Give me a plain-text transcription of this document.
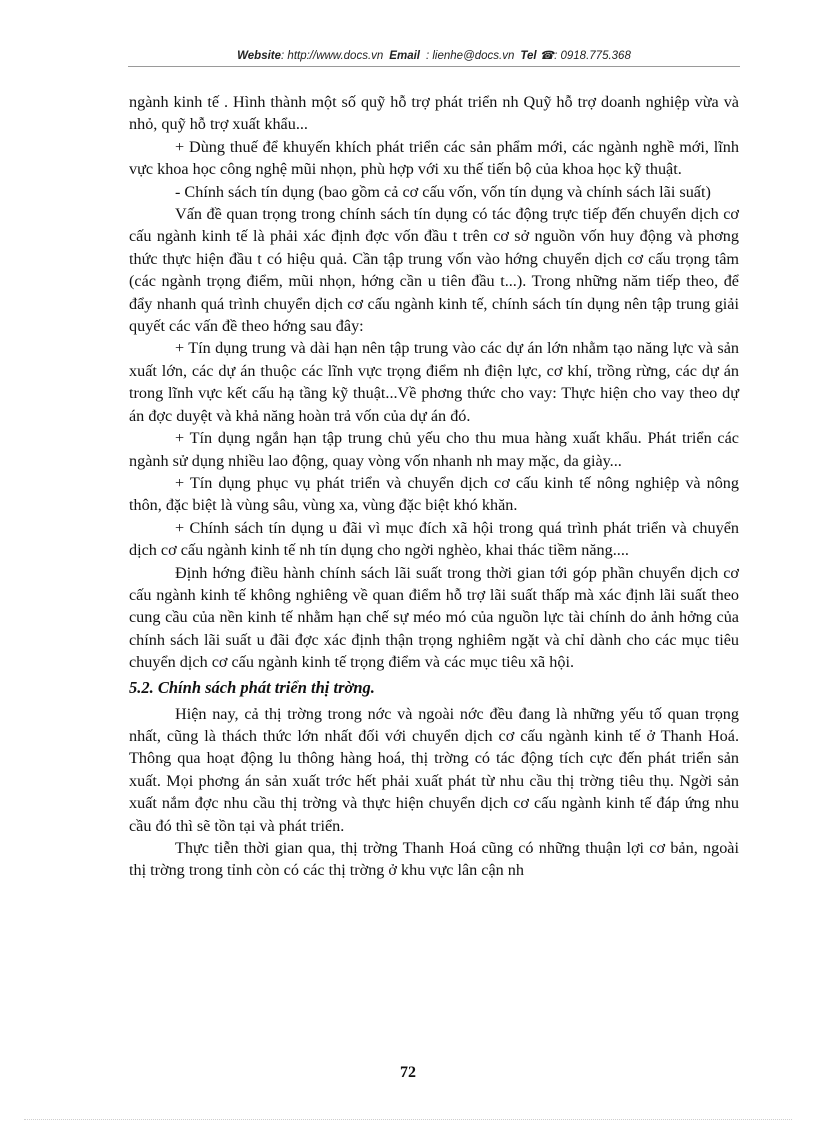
Website: http://www.docs.vn Email : lienhe@docs.vn Tel ☎: 0918.775.368

ngành kinh tế . Hình thành một số quỹ hỗ trợ phát triển nh Quỹ hỗ trợ doanh nghiệp vừa và nhỏ, quỹ hỗ trợ xuất khẩu...

+ Dùng thuế để khuyến khích phát triển các sản phẩm mới, các ngành nghề mới, lĩnh vực khoa học công nghệ mũi nhọn, phù hợp với xu thế tiến bộ của khoa học kỹ thuật.

- Chính sách tín dụng (bao gồm cả cơ cấu vốn, vốn tín dụng và chính sách lãi suất)

Vấn đề quan trọng trong chính sách tín dụng có tác động trực tiếp đến chuyển dịch cơ cấu ngành kinh tế là phải xác định đợc vốn đầu t trên cơ sở nguồn vốn huy động và phơng thức thực hiện đầu t có hiệu quả. Cần tập trung vốn vào hớng chuyển dịch cơ cấu trọng tâm (các ngành trọng điểm, mũi nhọn, hớng cần u tiên đầu t...). Trong những năm tiếp theo, để đẩy nhanh quá trình chuyển dịch cơ cấu ngành kinh tế, chính sách tín dụng nên tập trung giải quyết các vấn đề theo hớng sau đây:

+ Tín dụng trung và dài hạn nên tập trung vào các dự án lớn nhằm tạo năng lực và sản xuất lớn, các dự án thuộc các lĩnh vực trọng điểm nh điện lực, cơ khí, trồng rừng, các dự án trong lĩnh vực kết cấu hạ tầng kỹ thuật...Về phơng thức cho vay: Thực hiện cho vay theo dự án đợc duyệt và khả năng hoàn trả vốn của dự án đó.

+ Tín dụng ngắn hạn tập trung chủ yếu cho thu mua hàng xuất khẩu. Phát triển các ngành sử dụng nhiều lao động, quay vòng vốn nhanh nh may mặc, da giày...

+ Tín dụng phục vụ phát triển và chuyển dịch cơ cấu kinh tế nông nghiệp và nông thôn, đặc biệt là vùng sâu, vùng xa, vùng đặc biệt khó khăn.

+ Chính sách tín dụng u đãi vì mục đích xã hội trong quá trình phát triển và chuyển dịch cơ cấu ngành kinh tế nh tín dụng cho ngời nghèo, khai thác tiềm năng....

Định hớng điều hành chính sách lãi suất trong thời gian tới góp phần chuyển dịch cơ cấu ngành kinh tế không nghiêng về quan điểm hỗ trợ lãi suất thấp mà xác định lãi suất theo cung cầu của nền kinh tế nhằm hạn chế sự méo mó của nguồn lực tài chính do ảnh hởng của chính sách lãi suất u đãi đợc xác định thận trọng nghiêm ngặt và chỉ dành cho các mục tiêu chuyển dịch cơ cấu ngành kinh tế trọng điểm và các mục tiêu xã hội.

5.2. Chính sách phát triển thị trờng.

Hiện nay, cả thị trờng trong nớc và ngoài nớc đều đang là những yếu tố quan trọng nhất, cũng là thách thức lớn nhất đối với chuyển dịch cơ cấu ngành kinh tế ở Thanh Hoá. Thông qua hoạt động lu thông hàng hoá, thị trờng có tác động tích cực đến phát triển sản xuất. Mọi phơng án sản xuất trớc hết phải xuất phát từ nhu cầu thị trờng tiêu thụ. Ngời sản xuất nắm đợc nhu cầu thị trờng và thực hiện chuyển dịch cơ cấu ngành kinh tế đáp ứng nhu cầu đó thì sẽ tồn tại và phát triển.

Thực tiễn thời gian qua, thị trờng Thanh Hoá cũng có những thuận lợi cơ bản, ngoài thị trờng trong tỉnh còn có các thị trờng ở khu vực lân cận nh

72
